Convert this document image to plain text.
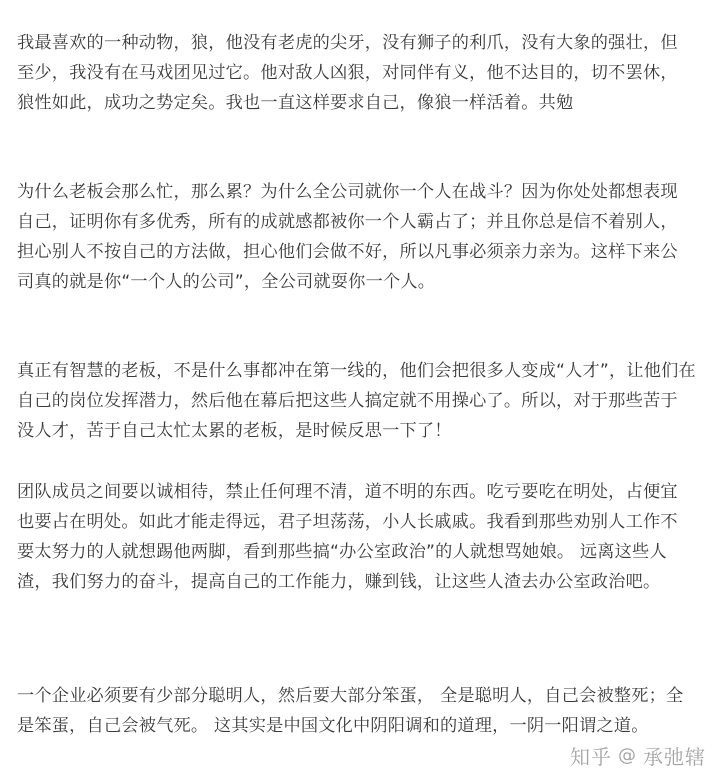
我最喜欢的一种动物，狼，他没有老虎的尖牙，没有狮子的利爪，没有大象的强壮，但
至少，我没有在马戏团见过它。他对敌人凶狠，对同伴有义，他不达目的，切不罢休，
狼性如此，成功之势定矣。我也一直这样要求自己，像狼一样活着。共勉

为什么老板会那么忙，那么累？为什么全公司就你一个人在战斗？因为你处处都想表现
自己，证明你有多优秀，所有的成就感都被你一个人霸占了；并且你总是信不着别人，
担心别人不按自己的方法做，担心他们会做不好，所以凡事必须亲力亲为。这样下来公
司真的就是你“一个人的公司”，全公司就耍你一个人。

真正有智慧的老板，不是什么事都冲在第一线的，他们会把很多人变成“人才”，让他们在
自己的岗位发挥潜力，然后他在幕后把这些人搞定就不用操心了。所以，对于那些苦于
没人才，苦于自己太忙太累的老板，是时候反思一下了！

团队成员之间要以诚相待，禁止任何理不清，道不明的东西。吃亏要吃在明处，占便宜
也要占在明处。如此才能走得远，君子坦荡荡，小人长戚戚。我看到那些劝别人工作不
要太努力的人就想踢他两脚，看到那些搞“办公室政治”的人就想骂她娘。 远离这些人
渣，我们努力的奋斗，提高自己的工作能力，赚到钱，让这些人渣去办公室政治吧。

一个企业必须要有少部分聪明人，然后要大部分笨蛋， 全是聪明人，自己会被整死；全
是笨蛋，自己会被气死。 这其实是中国文化中阴阳调和的道理，一阴一阳谓之道。

知乎 @ 承弛辖
